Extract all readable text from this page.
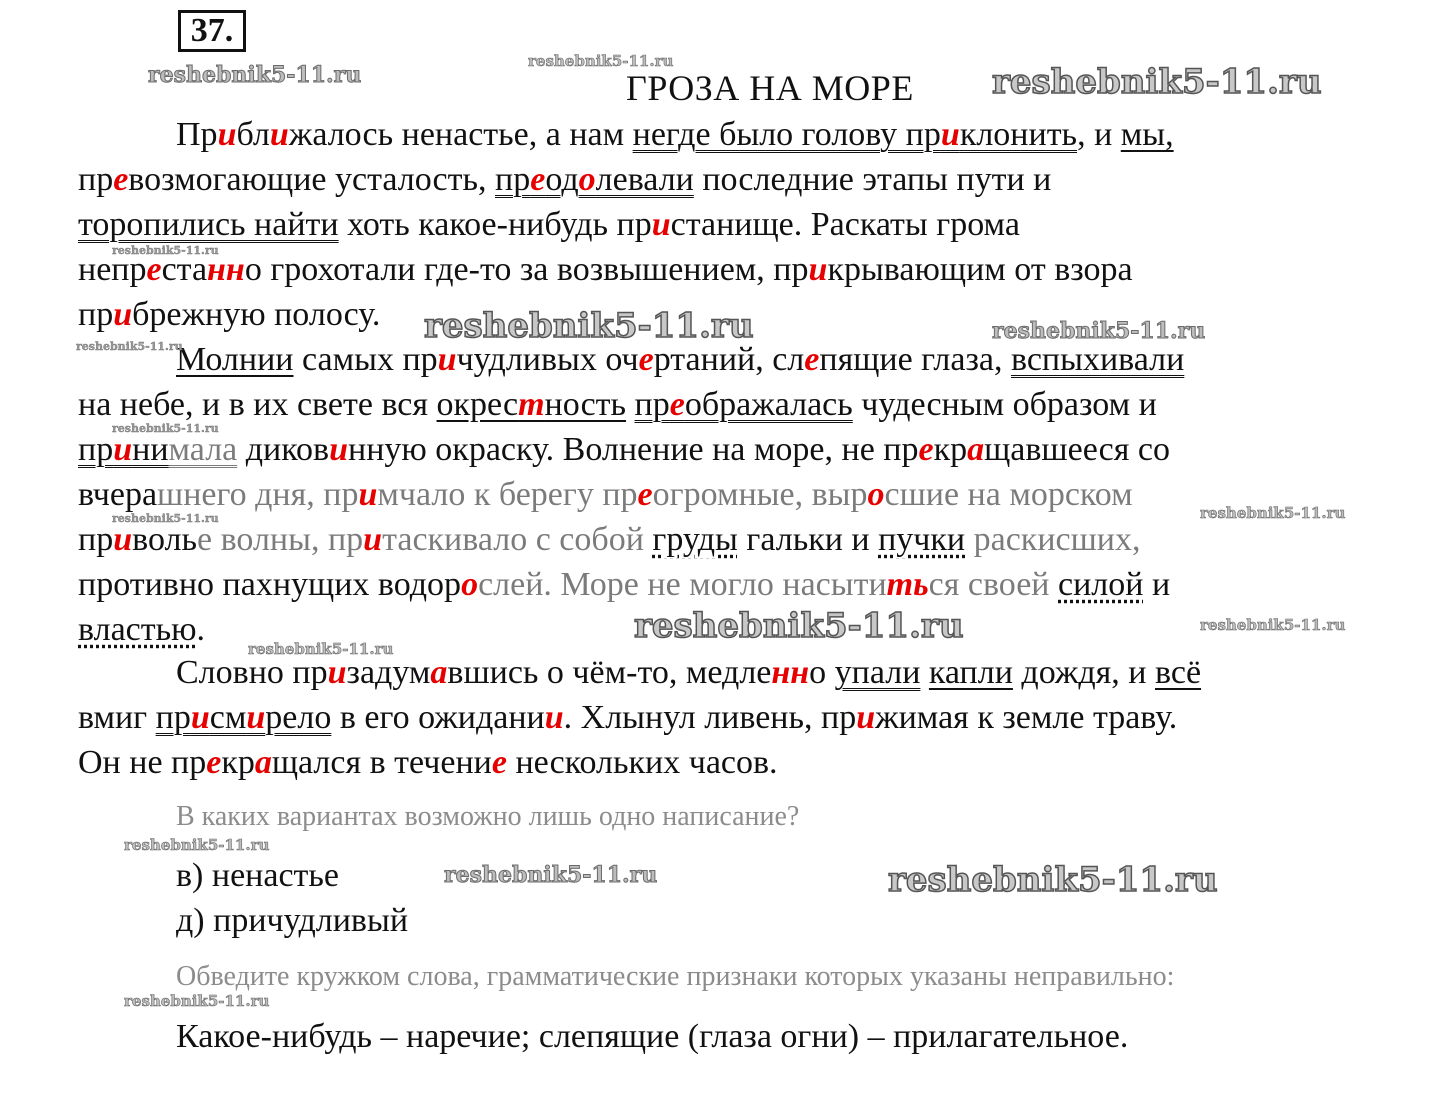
37.
ГРОЗА НА МОРЕ
Приближалось ненастье, а нам негде было голову приклонить, и мы,
превозмогающие усталость, преодолевали последние этапы пути и
торопились найти хоть какое-нибудь пристанище. Раскаты грома
непрестанно грохотали где-то за возвышением, прикрывающим от взора
прибрежную полосу.
Молнии самых причудливых очертаний, слепящие глаза, вспыхивали
на небе, и в их свете вся окрестность преображалась чудесным образом и
принимала диковинную окраску. Волнение на море, не прекращавшееся со
вчерашнего дня, примчало к берегу преогромные, выросшие на морском
приволье волны, притаскивало с собой груды гальки и пучки раскисших,
противно пахнущих водорослей. Море не могло насытиться своей силой и
властью.
Словно призадумавшись о чём-то, медленно упали капли дождя, и всё
вмиг присмирело в его ожидании. Хлынул ливень, прижимая к земле траву.
Он не прекращался в течение нескольких часов.
В каких вариантах возможно лишь одно написание?
в) ненастье
д) причудливый
Обведите кружком слова, грамматические признаки которых указаны неправильно:
Какое-нибудь – наречие; слепящие (глаза огни) – прилагательное.
reshebnik5-11.ru
reshebnik5-11.ru
reshebnik5-11.ru
reshebnik5-11.ru
reshebnik5-11.ru	reshebnik5-11.ru
reshebnik5-11.ru
reshebnik5-11.ru
reshebnik5-11.ru	reshebnik5-11.ru
reshebnik5-11.ru
reshebnik5-11.ru
reshebnik5-11.ru
reshebnik5-11.ru
reshebnik5-11.ru	reshebnik5-11.ru
reshebnik5-11.ru
